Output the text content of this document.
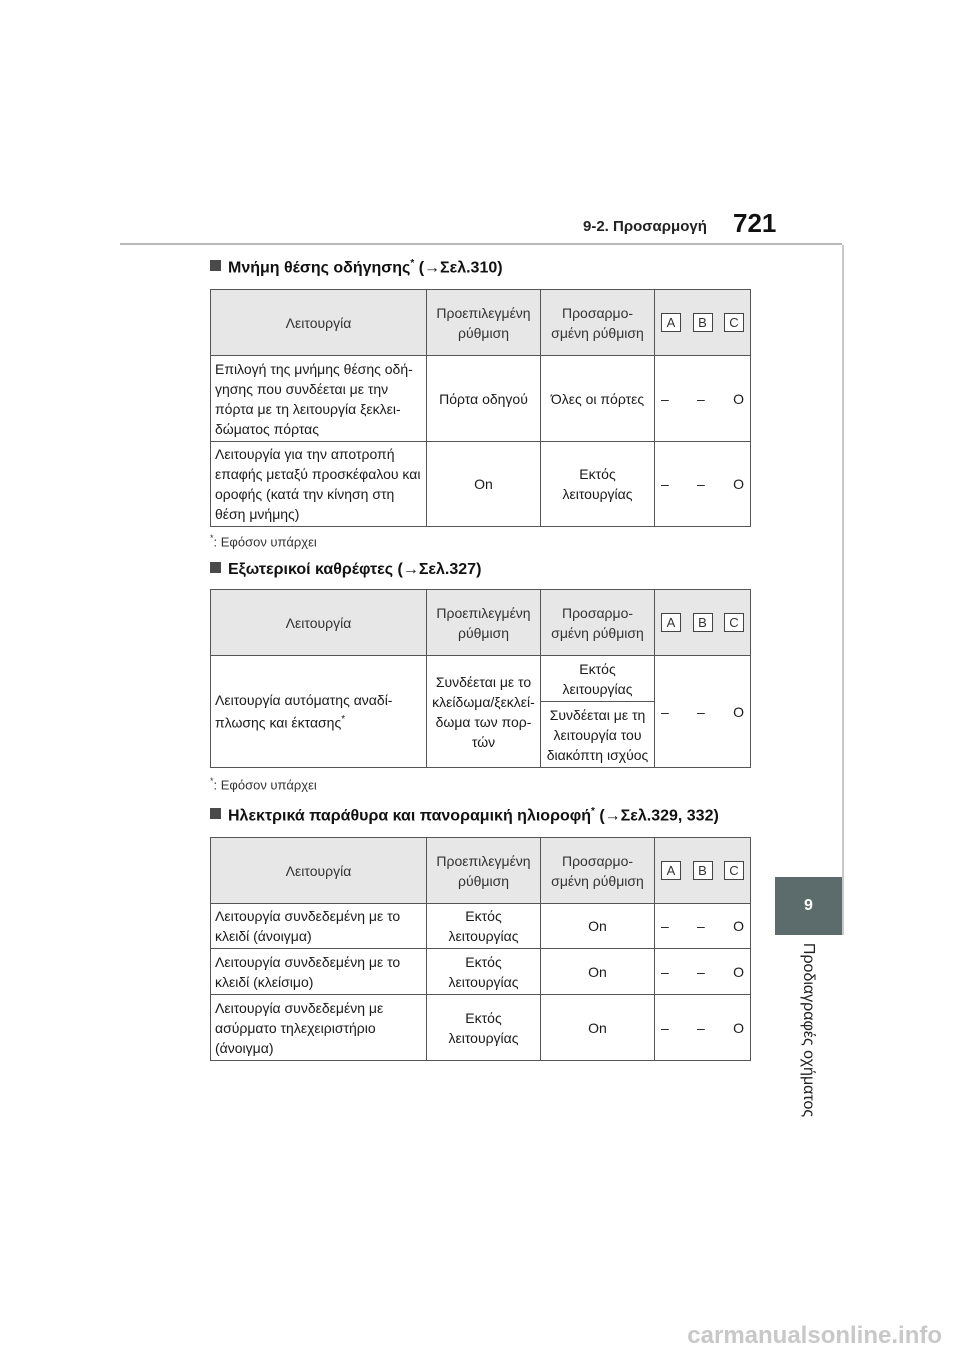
9-2. Προσαρμογή 721
9
Προδιαγραφές οχήματος
Μνήμη θέσης οδήγησης* (→Σελ.310)
Λειτουργία	Προεπιλεγμένη ρύθμιση	Προσαρμο- σμένη ρύθμιση	A B C

Επιλογή της μνήμης θέσης οδή- γησης που συνδέεται με την πόρτα με τη λειτουργία ξεκλει- δώματος πόρτας	Πόρτα οδηγού	Όλες οι πόρτες	– – O

Λειτουργία για την αποτροπή επαφής μεταξύ προσκέφαλου και οροφής (κατά την κίνηση στη θέση μνήμης)	On	Εκτός λειτουργίας	– – O
*: Εφόσον υπάρχει
Εξωτερικοί καθρέφτες (→Σελ.327)
Λειτουργία	Προεπιλεγμένη ρύθμιση	Προσαρμο- σμένη ρύθμιση	A B C

Λειτουργία αυτόματης αναδί- πλωσης και έκτασης*	Συνδέεται με το κλείδωμα/ξεκλεί- δωμα των πορ- τών	Εκτός λειτουργίας	– – O

		Συνδέεται με τη λειτουργία του διακόπτη ισχύος	
*: Εφόσον υπάρχει
Ηλεκτρικά παράθυρα και πανοραμική ηλιοροφή* (→Σελ.329, 332)
Λειτουργία	Προεπιλεγμένη ρύθμιση	Προσαρμο- σμένη ρύθμιση	A B C

Λειτουργία συνδεδεμένη με το κλειδί (άνοιγμα)	Εκτός λειτουργίας	On	– – O

Λειτουργία συνδεδεμένη με το κλειδί (κλείσιμο)	Εκτός λειτουργίας	On	– – O

Λειτουργία συνδεδεμένη με ασύρματο τηλεχειριστήριο (άνοιγμα)	Εκτός λειτουργίας	On	– – O
carmanualsonline.info
